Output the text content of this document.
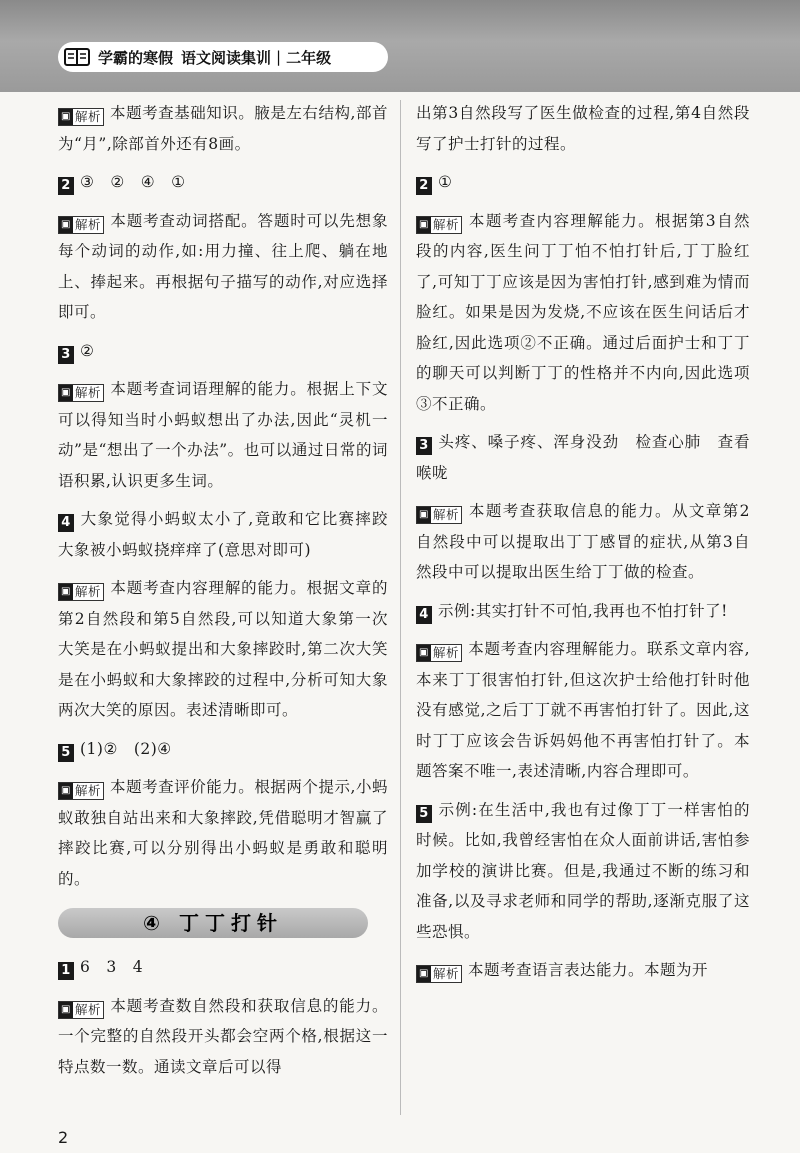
学霸的寒假 语文阅读集训 | 二年级

▣ 解析 本题考查基础知识。腋是左右结构,部首为“月”,除部首外还有8画。

2 ③　②　④　①

▣ 解析 本题考查动词搭配。答题时可以先想象每个动词的动作,如:用力撞、往上爬、躺在地上、捧起来。再根据句子描写的动作,对应选择即可。

3 ②

▣ 解析 本题考查词语理解的能力。根据上下文可以得知当时小蚂蚁想出了办法,因此“灵机一动”是“想出了一个办法”。也可以通过日常的词语积累,认识更多生词。

4 大象觉得小蚂蚁太小了,竟敢和它比赛摔跤　大象被小蚂蚁挠痒痒了(意思对即可)

▣ 解析 本题考查内容理解的能力。根据文章的第2自然段和第5自然段,可以知道大象第一次大笑是在小蚂蚁提出和大象摔跤时,第二次大笑是在小蚂蚁和大象摔跤的过程中,分析可知大象两次大笑的原因。表述清晰即可。

5 (1)②　(2)④

▣ 解析 本题考查评价能力。根据两个提示,小蚂蚁敢独自站出来和大象摔跤,凭借聪明才智赢了摔跤比赛,可以分别得出小蚂蚁是勇敢和聪明的。

④ 丁丁打针

1 6　3　4

▣ 解析 本题考查数自然段和获取信息的能力。一个完整的自然段开头都会空两个格,根据这一特点数一数。通读文章后可以得

出第3自然段写了医生做检查的过程,第4自然段写了护士打针的过程。

2 ①

▣ 解析 本题考查内容理解能力。根据第3自然段的内容,医生问丁丁怕不怕打针后,丁丁脸红了,可知丁丁应该是因为害怕打针,感到难为情而脸红。如果是因为发烧,不应该在医生问话后才脸红,因此选项②不正确。通过后面护士和丁丁的聊天可以判断丁丁的性格并不内向,因此选项③不正确。

3 头疼、嗓子疼、浑身没劲　检查心肺　查看喉咙

▣ 解析 本题考查获取信息的能力。从文章第2自然段中可以提取出丁丁感冒的症状,从第3自然段中可以提取出医生给丁丁做的检查。

4 示例:其实打针不可怕,我再也不怕打针了!

▣ 解析 本题考查内容理解能力。联系文章内容,本来丁丁很害怕打针,但这次护士给他打针时他没有感觉,之后丁丁就不再害怕打针了。因此,这时丁丁应该会告诉妈妈他不再害怕打针了。本题答案不唯一,表述清晰,内容合理即可。

5 示例:在生活中,我也有过像丁丁一样害怕的时候。比如,我曾经害怕在众人面前讲话,害怕参加学校的演讲比赛。但是,我通过不断的练习和准备,以及寻求老师和同学的帮助,逐渐克服了这些恐惧。

▣ 解析 本题考查语言表达能力。本题为开

2
